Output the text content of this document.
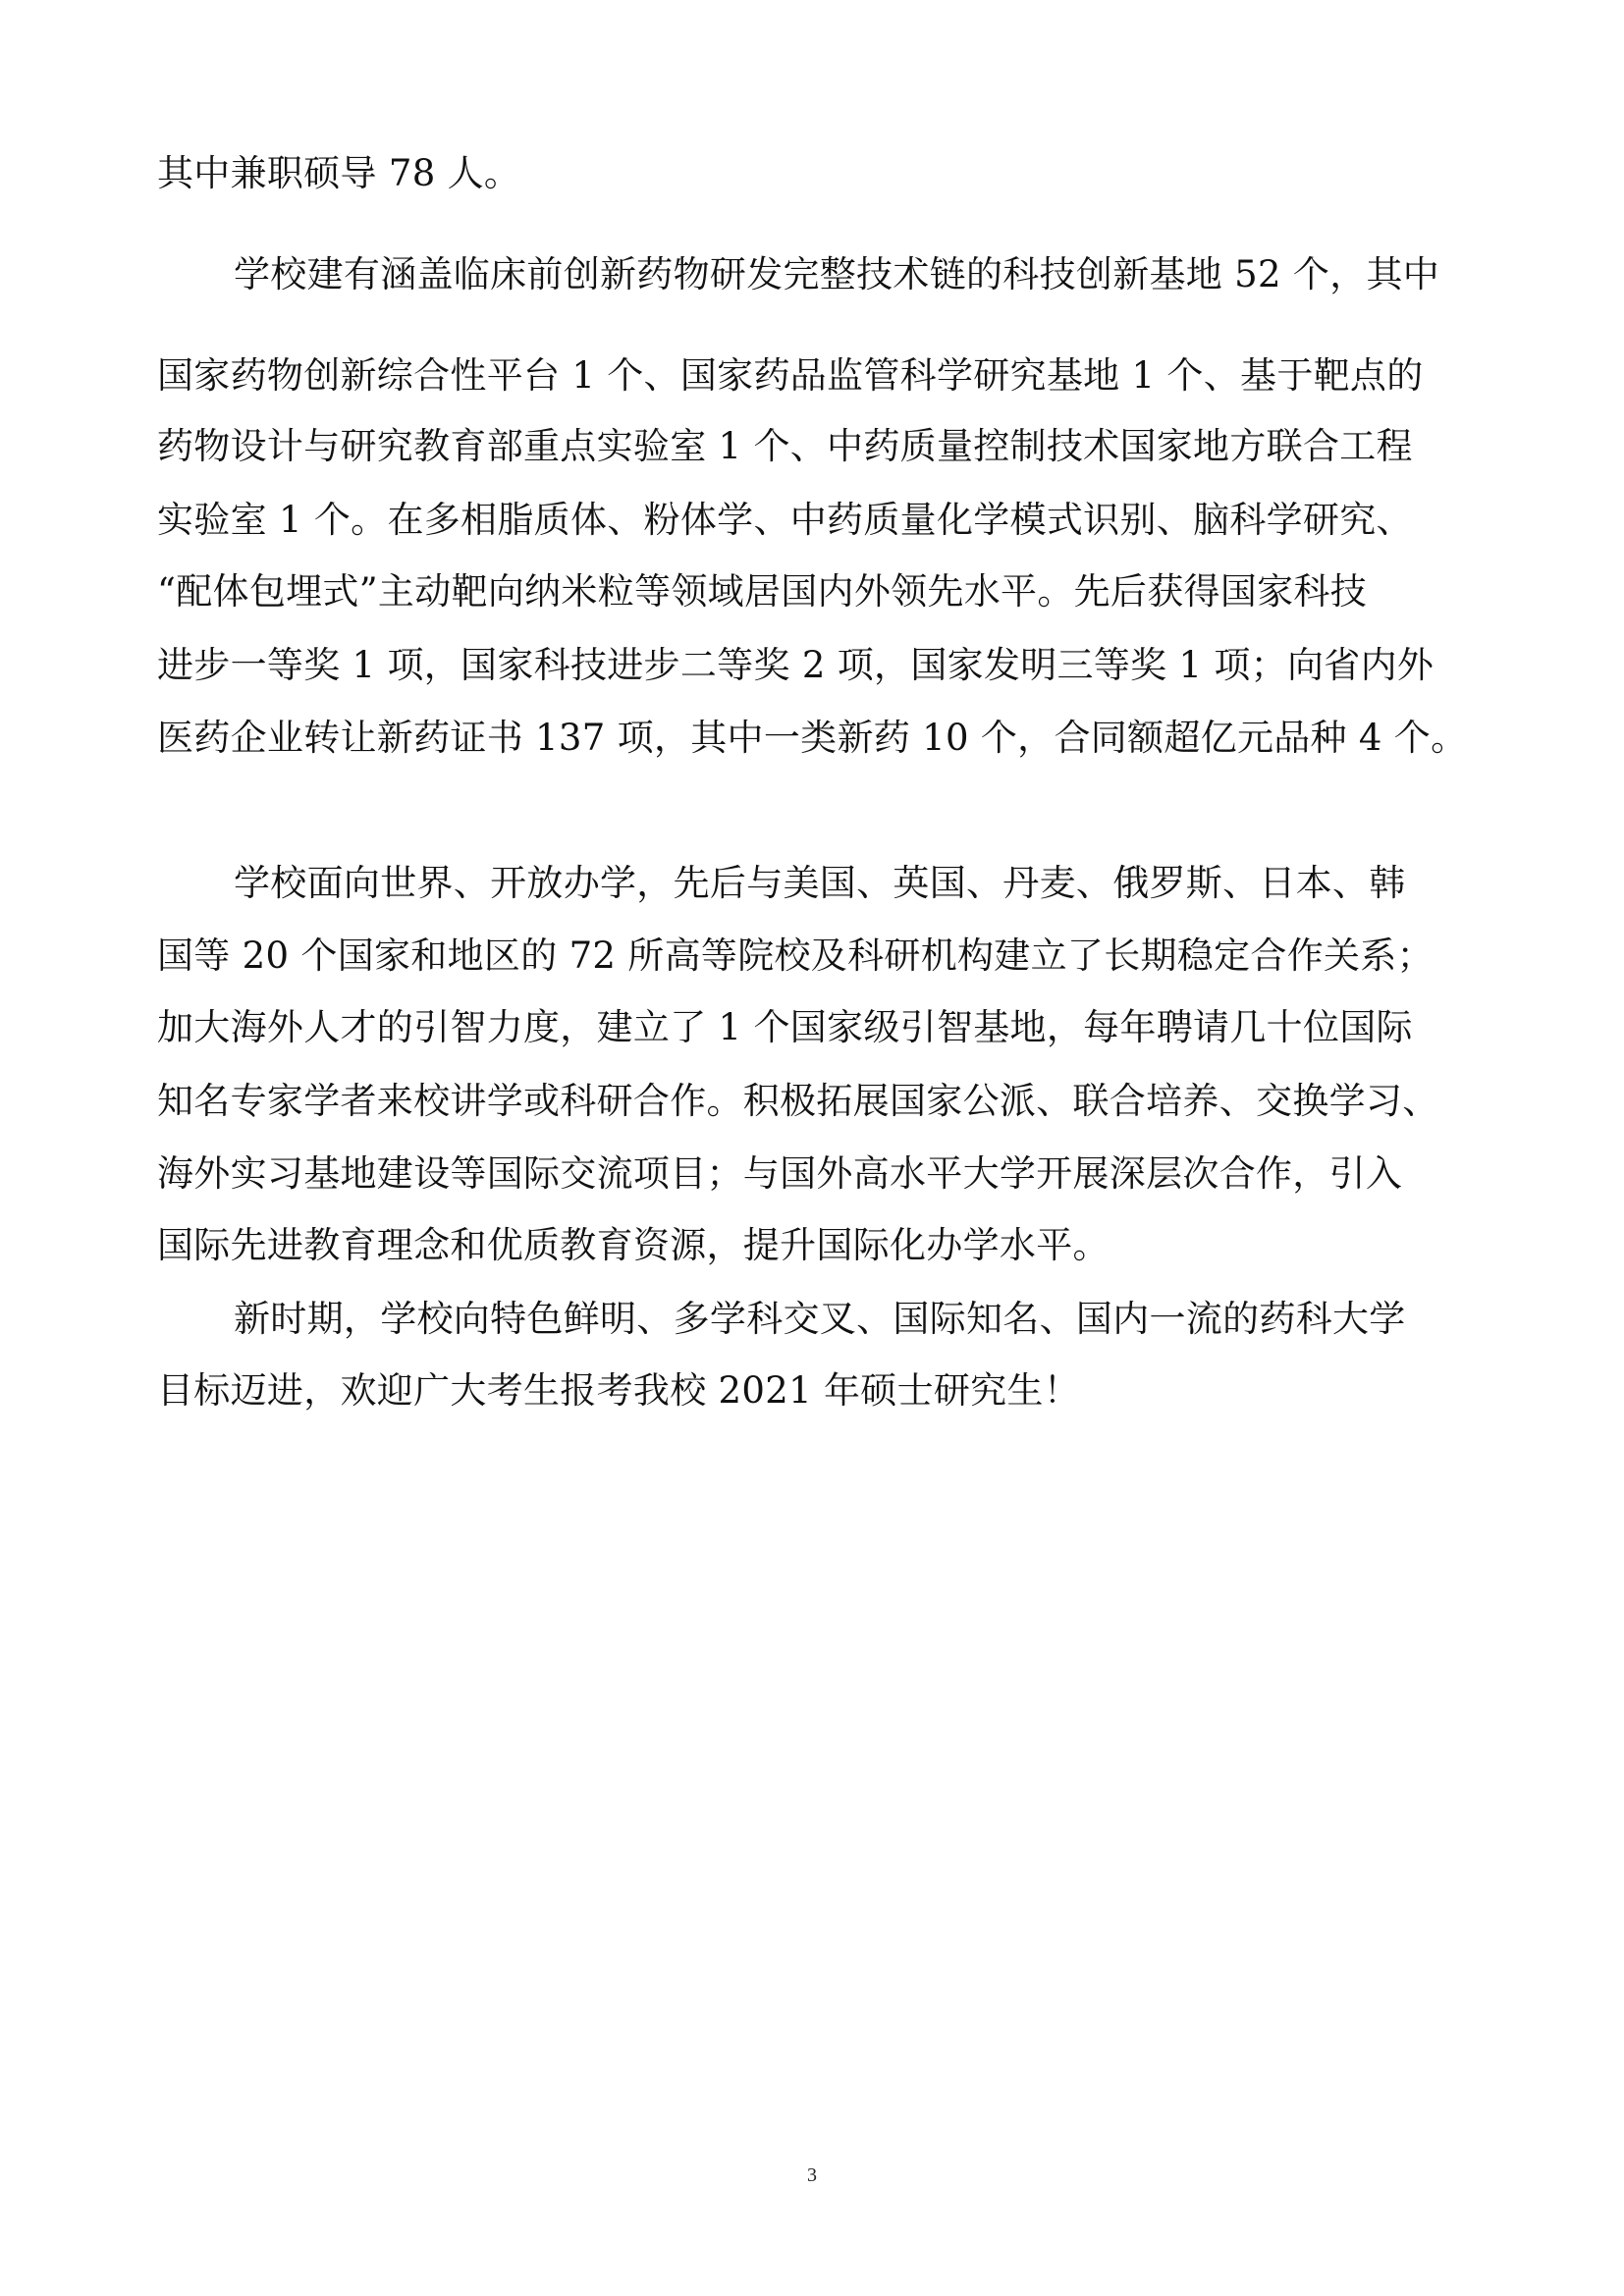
其中兼职硕导 78 人。
学校建有涵盖临床前创新药物研发完整技术链的科技创新基地 52 个，其中
国家药物创新综合性平台 1 个、国家药品监管科学研究基地 1 个、基于靶点的
药物设计与研究教育部重点实验室 1 个、中药质量控制技术国家地方联合工程
实验室 1 个。在多相脂质体、粉体学、中药质量化学模式识别、脑科学研究、
“配体包埋式”主动靶向纳米粒等领域居国内外领先水平。先后获得国家科技
进步一等奖 1 项，国家科技进步二等奖 2 项，国家发明三等奖 1 项；向省内外
医药企业转让新药证书 137 项，其中一类新药 10 个，合同额超亿元品种 4 个。
学校面向世界、开放办学，先后与美国、英国、丹麦、俄罗斯、日本、韩
国等 20 个国家和地区的 72 所高等院校及科研机构建立了长期稳定合作关系；
加大海外人才的引智力度，建立了 1 个国家级引智基地，每年聘请几十位国际
知名专家学者来校讲学或科研合作。积极拓展国家公派、联合培养、交换学习、
海外实习基地建设等国际交流项目；与国外高水平大学开展深层次合作，引入
国际先进教育理念和优质教育资源，提升国际化办学水平。
新时期，学校向特色鲜明、多学科交叉、国际知名、国内一流的药科大学
目标迈进，欢迎广大考生报考我校 2021 年硕士研究生！
3
